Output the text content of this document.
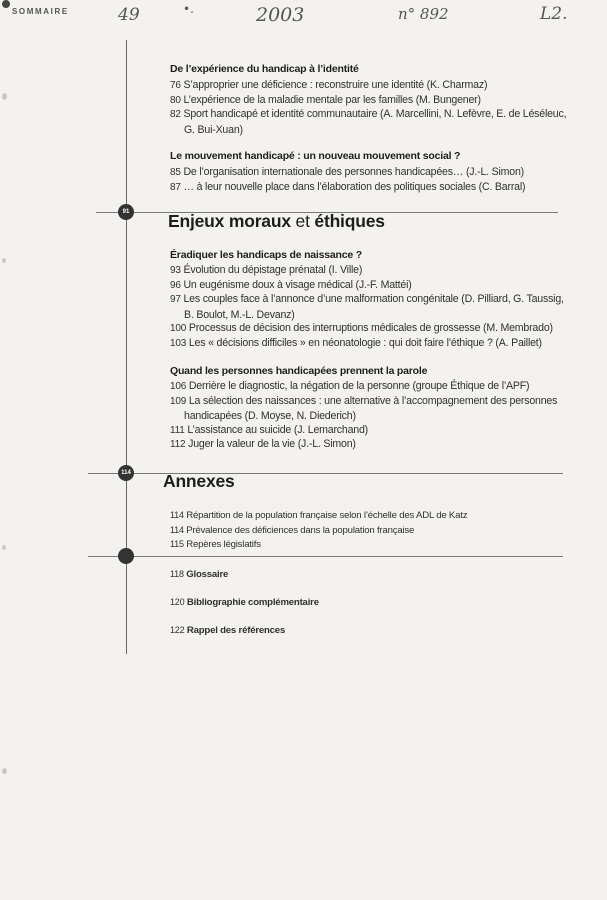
SOMMAIRE	49	•.	2003	n° 892	L2.
De l’expérience du handicap à l’identité
76 S’approprier une déficience : reconstruire une identité (K. Charmaz)
80 L’expérience de la maladie mentale par les familles (M. Bungener)
82 Sport handicapé et identité communautaire (A. Marcellini, N. Lefèvre, E. de Léséleuc,
G. Bui-Xuan)
Le mouvement handicapé : un nouveau mouvement social ?
85 De l’organisation internationale des personnes handicapées… (J.-L. Simon)
87 … à leur nouvelle place dans l’élaboration des politiques sociales (C. Barral)
91 Enjeux moraux et éthiques
Éradiquer les handicaps de naissance ?
93 Évolution du dépistage prénatal (I. Ville)
96 Un eugénisme doux à visage médical (J.-F. Mattéi)
97 Les couples face à l’annonce d’une malformation congénitale (D. Pilliard, G. Taussig,
B. Boulot, M.-L. Devanz)
100 Processus de décision des interruptions médicales de grossesse (M. Membrado)
103 Les « décisions difficiles » en néonatologie : qui doit faire l’éthique ? (A. Paillet)
Quand les personnes handicapées prennent la parole
106 Derrière le diagnostic, la négation de la personne (groupe Éthique de l’APF)
109 La sélection des naissances : une alternative à l’accompagnement des personnes
handicapées (D. Moyse, N. Diederich)
111 L’assistance au suicide (J. Lemarchand)
112 Juger la valeur de la vie (J.-L. Simon)
114 Annexes
114 Répartition de la population française selon l’échelle des ADL de Katz
114 Prévalence des déficiences dans la population française
115 Repères législatifs
118 Glossaire
120 Bibliographie complémentaire
122 Rappel des références
